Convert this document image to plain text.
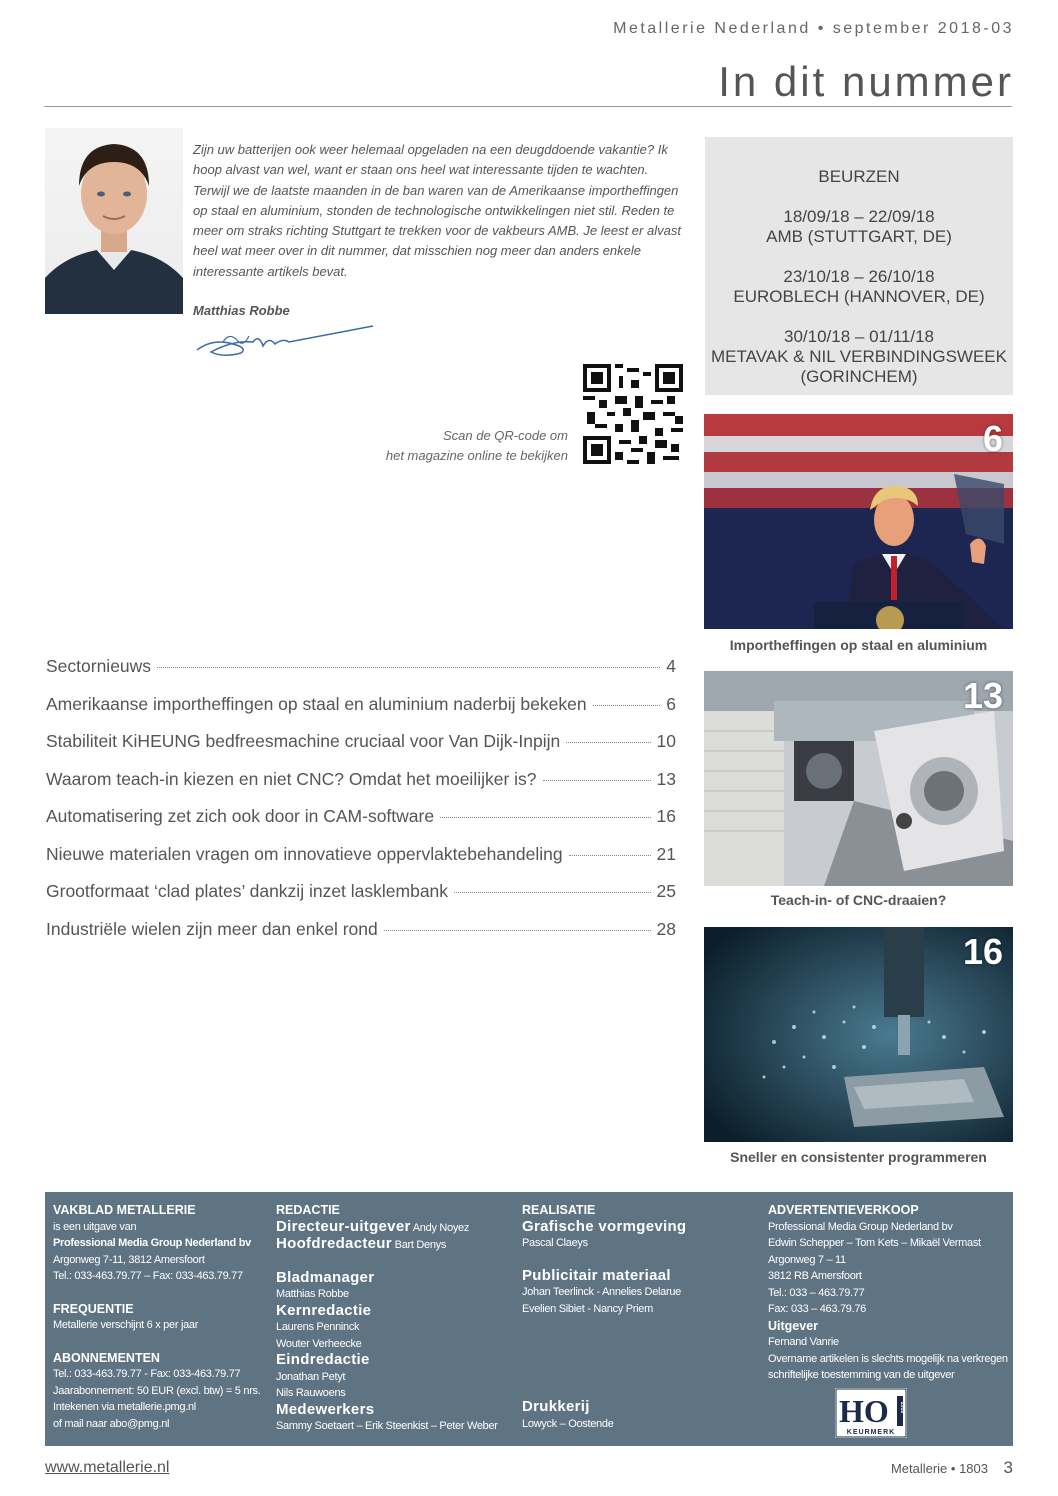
Metallerie Nederland • september 2018-03
In dit nummer
Zijn uw batterijen ook weer helemaal opgeladen na een deugddoende vakantie? Ik hoop alvast van wel, want er staan ons heel wat interessante tijden te wachten. Terwijl we de laatste maanden in de ban waren van de Amerikaanse importheffingen op staal en aluminium, stonden de technologische ontwikkelingen niet stil. Reden te meer om straks richting Stuttgart te trekken voor de vakbeurs AMB. Je leest er alvast heel wat meer over in dit nummer, dat misschien nog meer dan anders enkele interessante artikels bevat.
Matthias Robbe
Scan de QR-code om
het magazine online te bekijken
BEURZEN
18/09/18 – 22/09/18
AMB (STUTTGART, DE)
23/10/18 – 26/10/18
EUROBLECH (HANNOVER, DE)
30/10/18 – 01/11/18
METAVAK & NIL VERBINDINGSWEEK
(GORINCHEM)
6
Importheffingen op staal en aluminium
13
Teach-in- of CNC-draaien?
16
Sneller en consistenter programmeren
Sectornieuws	4
Amerikaanse importheffingen op staal en aluminium naderbij bekeken	6
Stabiliteit KiHEUNG bedfreesmachine cruciaal voor Van Dijk-Inpijn	10
Waarom teach-in kiezen en niet CNC? Omdat het moeilijker is?	13
Automatisering zet zich ook door in CAM-software	16
Nieuwe materialen vragen om innovatieve oppervlaktebehandeling	21
Grootformaat ‘clad plates’ dankzij inzet lasklembank	25
Industriële wielen zijn meer dan enkel rond	28
VAKBLAD METALLERIE
is een uitgave van
Professional Media Group Nederland bv
Argonweg 7-11, 3812 Amersfoort
Tel.: 033-463.79.77 – Fax: 033-463.79.77
FREQUENTIE
Metallerie verschijnt 6 x per jaar
ABONNEMENTEN
Tel.: 033-463.79.77 - Fax: 033-463.79.77
Jaarabonnement: 50 EUR (excl. btw) = 5 nrs.
Intekenen via metallerie.pmg.nl
of mail naar abo@pmg.nl
REDACTIE
Directeur-uitgever Andy Noyez
Hoofdredacteur Bart Denys
Bladmanager
Matthias Robbe
Kernredactie
Laurens Penninck
Wouter Verheecke
Eindredactie
Jonathan Petyt
Nils Rauwoens
Medewerkers
Sammy Soetaert – Erik Steenkist – Peter Weber
REALISATIE
Grafische vormgeving
Pascal Claeys
Publicitair materiaal
Johan Teerlinck - Annelies Delarue
Evelien Sibiet - Nancy Priem
Drukkerij
Lowyck – Oostende
ADVERTENTIEVERKOOP
Professional Media Group Nederland bv
Edwin Schepper – Tom Kets – Mikaël Vermast
Argonweg 7 – 11
3812 RB Amersfoort
Tel.: 033 – 463.79.77
Fax: 033 – 463.79.76
Uitgever
Fernand Vanrie
Overname artikelen is slechts mogelijk na verkregen schriftelijke toestemming van de uitgever
HO 2018
KEURMERK
www.metallerie.nl	Metallerie • 1803 3
